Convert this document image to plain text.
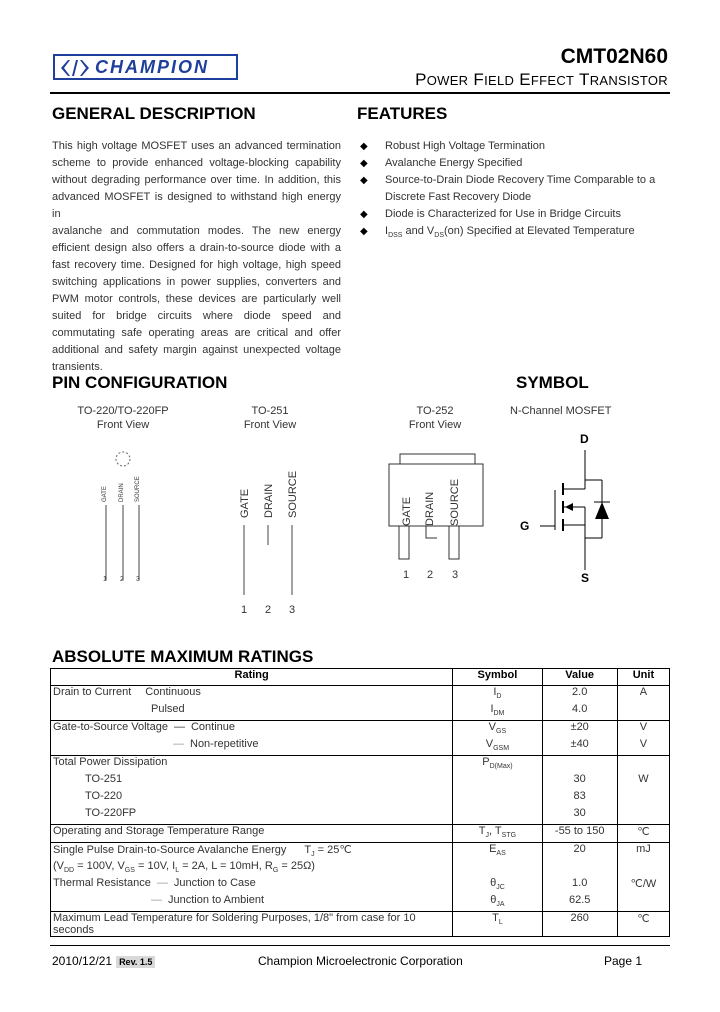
CHAMPION	CMT02N60
POWER FIELD EFFECT TRANSISTOR
GENERAL DESCRIPTION
This high voltage MOSFET uses an advanced termination
scheme to provide enhanced voltage-blocking capability
without degrading performance over time. In addition, this
advanced MOSFET is designed to withstand high energy in
avalanche and commutation modes. The new energy
efficient design also offers a drain-to-source diode with a
fast recovery time. Designed for high voltage, high speed
switching applications in power supplies, converters and
PWM motor controls, these devices are particularly well
suited for bridge circuits where diode speed and
commutating safe operating areas are critical and offer
additional and safety margin against unexpected voltage
transients.
FEATURES
◆ Robust High Voltage Termination
◆ Avalanche Energy Specified
◆ Source-to-Drain Diode Recovery Time Comparable to a
Discrete Fast Recovery Diode
◆ Diode is Characterized for Use in Bridge Circuits
◆ $I_{DSS}$ and $V_{DS}(on)$ Specified at Elevated Temperature
PIN CONFIGURATION
TO-220/TO-220FP
Front View
GATE DRAIN SOURCE
1 2 3
TO-251
Front View
GATE DRAIN SOURCE
1 2 3
TO-252
Front View
GATE DRAIN SOURCE
1 2 3
SYMBOL
N-Channel MOSFET
D
G
S
ABSOLUTE MAXIMUM RATINGS
Rating	Symbol	Value	Unit
Drain to Current Continuous	$I_D$	2.0	A
Pulsed	$I_{DM}$	4.0	
Gate-to-Source Voltage — Continue	$V_{GS}$	±20	V
— Non-repetitive	$V_{GSM}$	±40	V
Total Power Dissipation	$P_{D(Max)}$		
TO-251		30	W
TO-220		83	
TO-220FP		30	
Operating and Storage Temperature Range	$T_J$, $T_{STG}$	-55 to 150	℃
Single Pulse Drain-to-Source Avalanche Energy $T_J$ = 25℃	$E_{AS}$	20	mJ
($V_{DD} = 100V$, $V_{GS} = 10V$, $I_L = 2A$, L = 10mH, $R_G = 25\Omega$)			
Thermal Resistance — Junction to Case	$\theta_{JC}$	1.0	℃/W
— Junction to Ambient	$\theta_{JA}$	62.5	
Maximum Lead Temperature for Soldering Purposes, 1/8" from case for 10 seconds	$T_L$	260	℃
2010/12/21 Rev. 1.5	Champion Microelectronic Corporation	Page 1
